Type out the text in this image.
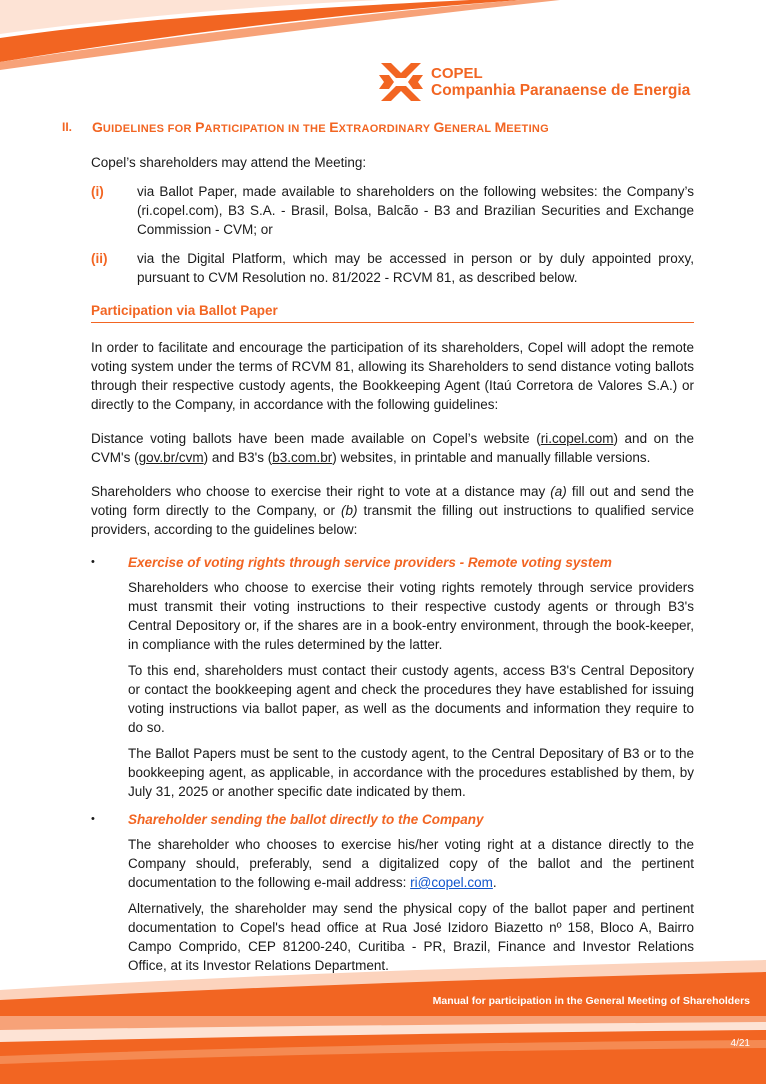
COPEL
Companhia Paranaense de Energia
II.	GUIDELINES FOR PARTICIPATION IN THE EXTRAORDINARY GENERAL MEETING

Copel’s shareholders may attend the Meeting:

(i)	via Ballot Paper, made available to shareholders on the following websites: the Company’s (ri.copel.com), B3 S.A. - Brasil, Bolsa, Balcão - B3 and Brazilian Securities and Exchange Commission - CVM; or
(ii)	via the Digital Platform, which may be accessed in person or by duly appointed proxy, pursuant to CVM Resolution no. 81/2022 - RCVM 81, as described below.
Participation via Ballot Paper

In order to facilitate and encourage the participation of its shareholders, Copel will adopt the remote voting system under the terms of RCVM 81, allowing its Shareholders to send distance voting ballots through their respective custody agents, the Bookkeeping Agent (Itaú Corretora de Valores S.A.) or directly to the Company, in accordance with the following guidelines:

Distance voting ballots have been made available on Copel’s website (ri.copel.com) and on the CVM's (gov.br/cvm) and B3's (b3.com.br) websites, in printable and manually fillable versions.

Shareholders who choose to exercise their right to vote at a distance may (a) fill out and send the voting form directly to the Company, or (b) transmit the filling out instructions to qualified service providers, according to the guidelines below:

•	Exercise of voting rights through service providers - Remote voting system

Shareholders who choose to exercise their voting rights remotely through service providers must transmit their voting instructions to their respective custody agents or through B3's Central Depository or, if the shares are in a book-entry environment, through the book-keeper, in compliance with the rules determined by the latter.

To this end, shareholders must contact their custody agents, access B3's Central Depository or contact the bookkeeping agent and check the procedures they have established for issuing voting instructions via ballot paper, as well as the documents and information they require to do so.

The Ballot Papers must be sent to the custody agent, to the Central Depositary of B3 or to the bookkeeping agent, as applicable, in accordance with the procedures established by them, by July 31, 2025 or another specific date indicated by them.

•	Shareholder sending the ballot directly to the Company

The shareholder who chooses to exercise his/her voting right at a distance directly to the Company should, preferably, send a digitalized copy of the ballot and the pertinent documentation to the following e-mail address: ri@copel.com.

Alternatively, the shareholder may send the physical copy of the ballot paper and pertinent documentation to Copel's head office at Rua José Izidoro Biazetto nº 158, Bloco A, Bairro Campo Comprido, CEP 81200-240, Curitiba - PR, Brazil, Finance and Investor Relations Office, at its Investor Relations Department.

Manual for participation in the General Meeting of Shareholders
4/21
